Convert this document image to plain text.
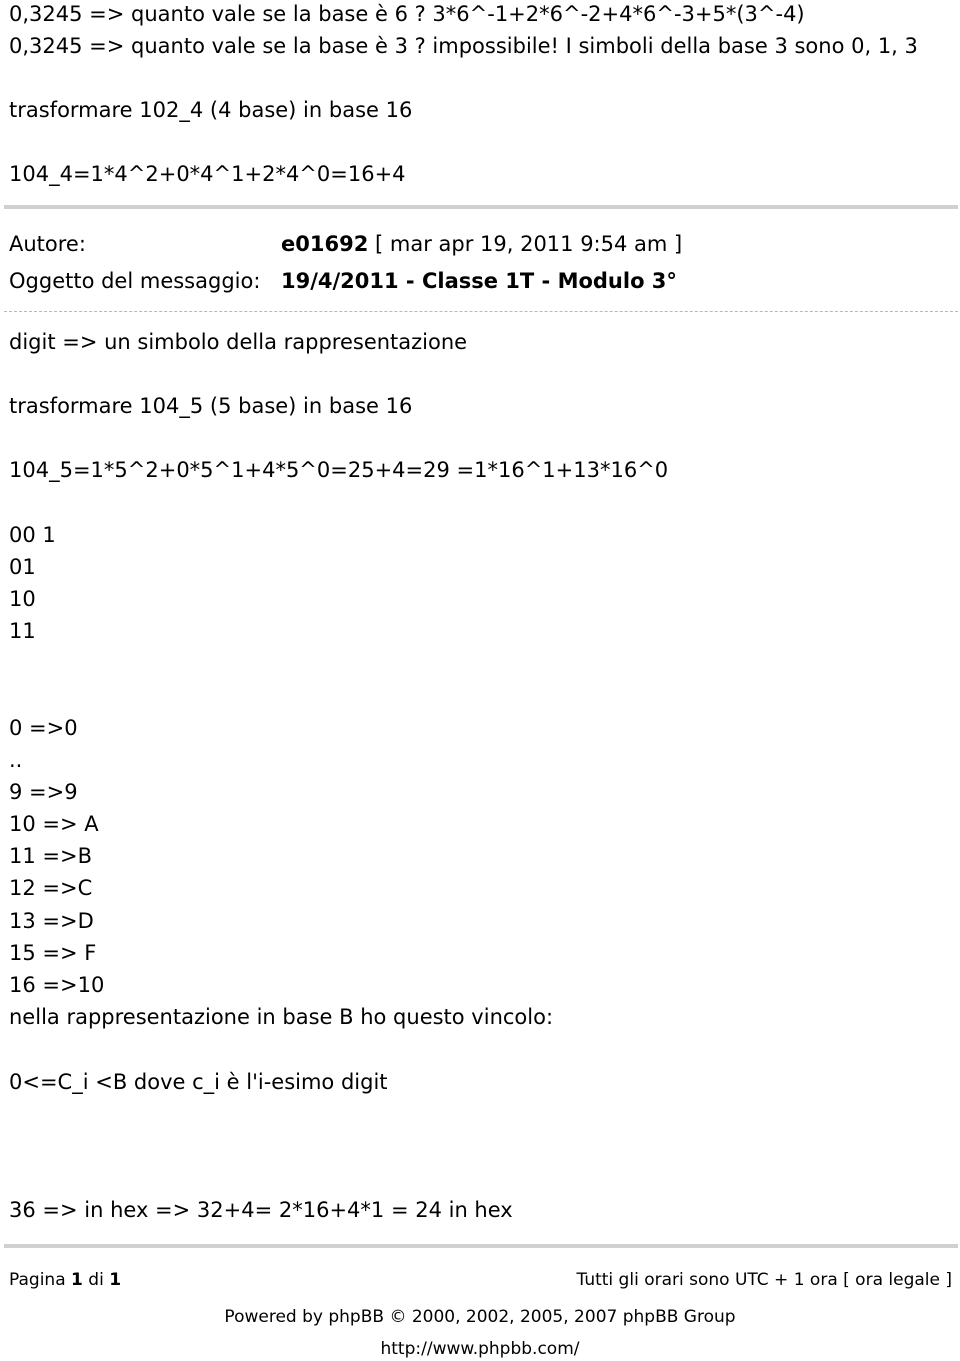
0,3245 => quanto vale se la base è 6 ? 3*6^-1+2*6^-2+4*6^-3+5*(3^-4)
0,3245 => quanto vale se la base è 3 ? impossibile! I simboli della base 3 sono 0, 1, 3
trasformare 102_4 (4 base) in base 16
104_4=1*4^2+0*4^1+2*4^0=16+4
Autore:	e01692 [ mar apr 19, 2011 9:54 am ]
Oggetto del messaggio: 19/4/2011 - Classe 1T - Modulo 3°
digit => un simbolo della rappresentazione
trasformare 104_5 (5 base) in base 16
104_5=1*5^2+0*5^1+4*5^0=25+4=29 =1*16^1+13*16^0
00 1
01
10
11
0 =>0
..
9 =>9
10 => A
11 =>B
12 =>C
13 =>D
15 => F
16 =>10
nella rappresentazione in base B ho questo vincolo:
0<=C_i <B dove c_i è l'i-esimo digit
36 => in hex => 32+4= 2*16+4*1 = 24 in hex
Pagina 1 di 1	Tutti gli orari sono UTC + 1 ora [ ora legale ]
Powered by phpBB © 2000, 2002, 2005, 2007 phpBB Group
http://www.phpbb.com/
